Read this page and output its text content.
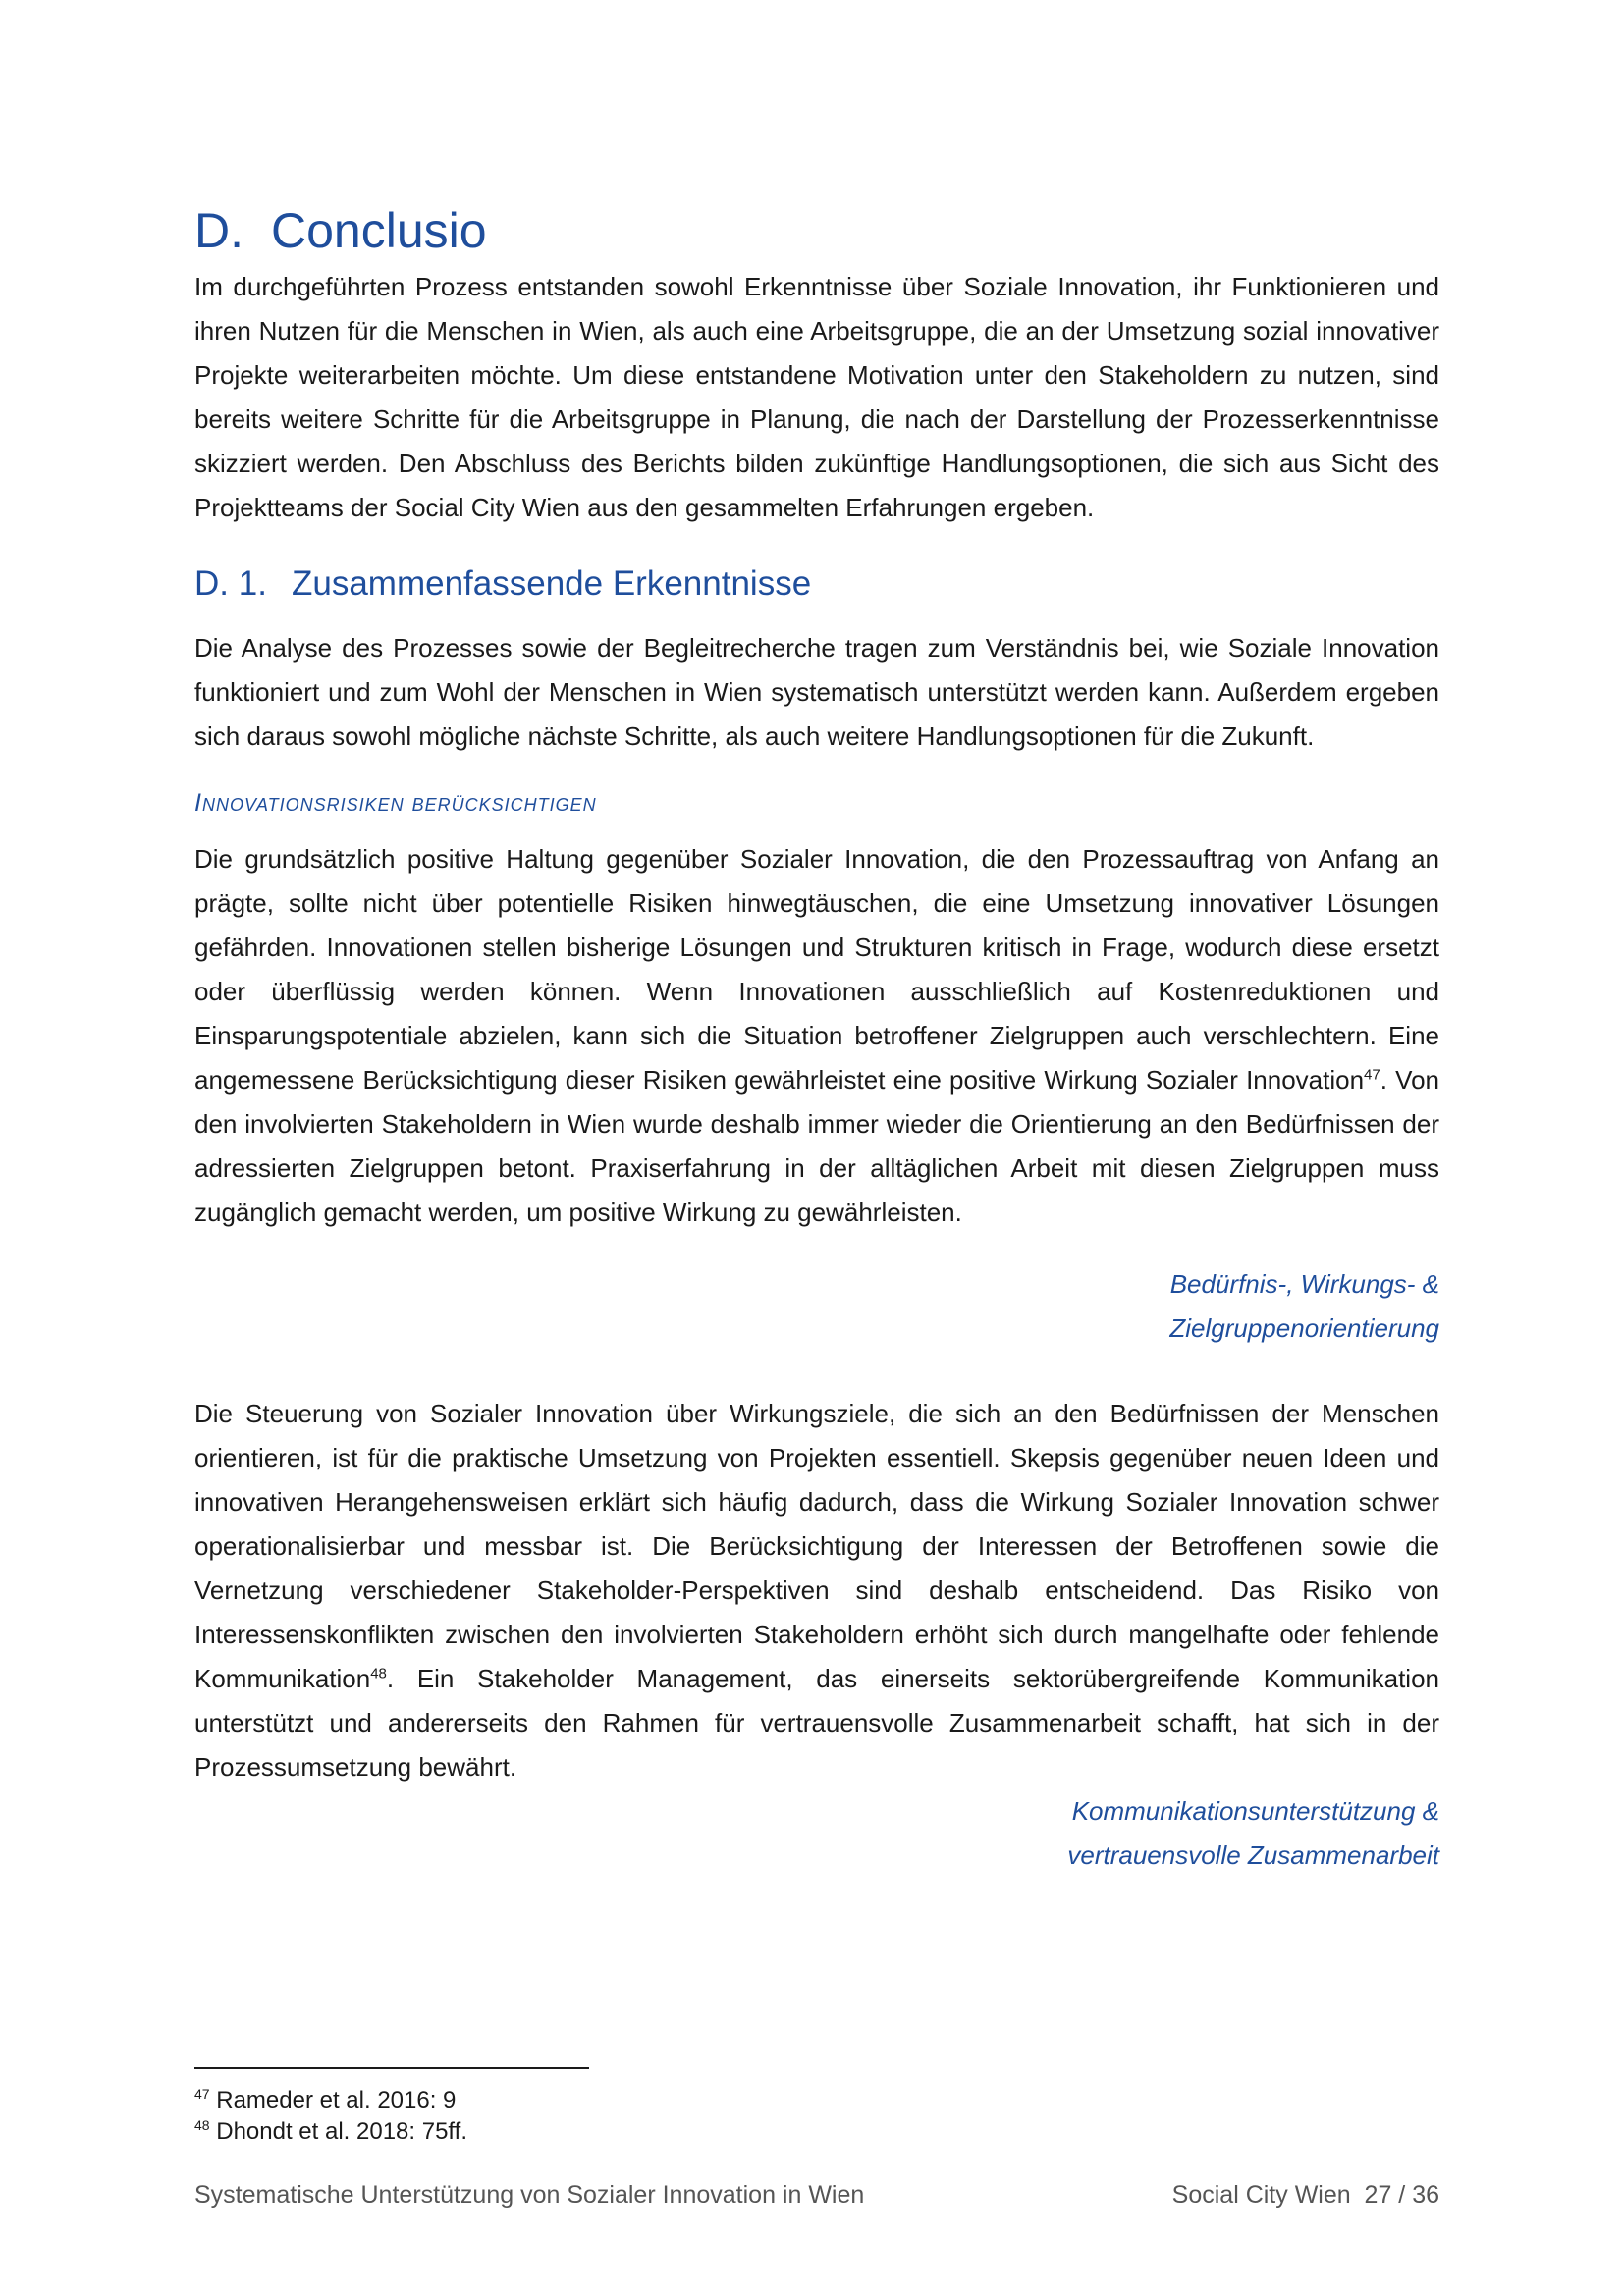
D. Conclusio

Im durchgeführten Prozess entstanden sowohl Erkenntnisse über Soziale Innovation, ihr Funktionieren und ihren Nutzen für die Menschen in Wien, als auch eine Arbeitsgruppe, die an der Umsetzung sozial innovativer Projekte weiterarbeiten möchte. Um diese entstandene Motivation unter den Stakeholdern zu nutzen, sind bereits weitere Schritte für die Arbeitsgruppe in Planung, die nach der Darstellung der Prozesserkenntnisse skizziert werden. Den Abschluss des Berichts bilden zukünftige Handlungsoptionen, die sich aus Sicht des Projektteams der Social City Wien aus den gesammelten Erfahrungen ergeben.

D. 1. Zusammenfassende Erkenntnisse

Die Analyse des Prozesses sowie der Begleitrecherche tragen zum Verständnis bei, wie Soziale Innovation funktioniert und zum Wohl der Menschen in Wien systematisch unterstützt werden kann. Außerdem ergeben sich daraus sowohl mögliche nächste Schritte, als auch weitere Handlungsoptionen für die Zukunft.

Innovationsrisiken berücksichtigen

Die grundsätzlich positive Haltung gegenüber Sozialer Innovation, die den Prozessauftrag von Anfang an prägte, sollte nicht über potentielle Risiken hinwegtäuschen, die eine Umsetzung innovativer Lösungen gefährden. Innovationen stellen bisherige Lösungen und Strukturen kritisch in Frage, wodurch diese ersetzt oder überflüssig werden können. Wenn Innovationen ausschließlich auf Kostenreduktionen und Einsparungspotentiale abzielen, kann sich die Situation betroffener Zielgruppen auch verschlechtern. Eine angemessene Berücksichtigung dieser Risiken gewährleistet eine positive Wirkung Sozialer Innovation$^{47}$. Von den involvierten Stakeholdern in Wien wurde deshalb immer wieder die Orientierung an den Bedürfnissen der adressierten Zielgruppen betont. Praxiserfahrung in der alltäglichen Arbeit mit diesen Zielgruppen muss zugänglich gemacht werden, um positive Wirkung zu gewährleisten.

Bedürfnis-, Wirkungs- &
Zielgruppenorientierung

Die Steuerung von Sozialer Innovation über Wirkungsziele, die sich an den Bedürfnissen der Menschen orientieren, ist für die praktische Umsetzung von Projekten essentiell. Skepsis gegenüber neuen Ideen und innovativen Herangehensweisen erklärt sich häufig dadurch, dass die Wirkung Sozialer Innovation schwer operationalisierbar und messbar ist. Die Berücksichtigung der Interessen der Betroffenen sowie die Vernetzung verschiedener Stakeholder-Perspektiven sind deshalb entscheidend. Das Risiko von Interessenskonflikten zwischen den involvierten Stakeholdern erhöht sich durch mangelhafte oder fehlende Kommunikation$^{48}$. Ein Stakeholder Management, das einerseits sektorübergreifende Kommunikation unterstützt und andererseits den Rahmen für vertrauensvolle Zusammenarbeit schafft, hat sich in der Prozessumsetzung bewährt.

Kommunikationsunterstützung &
vertrauensvolle Zusammenarbeit
$^{47}$ Rameder et al. 2016: 9
$^{48}$ Dhondt et al. 2018: 75ff.
Systematische Unterstützung von Sozialer Innovation in Wien	Social City Wien  27 / 36
